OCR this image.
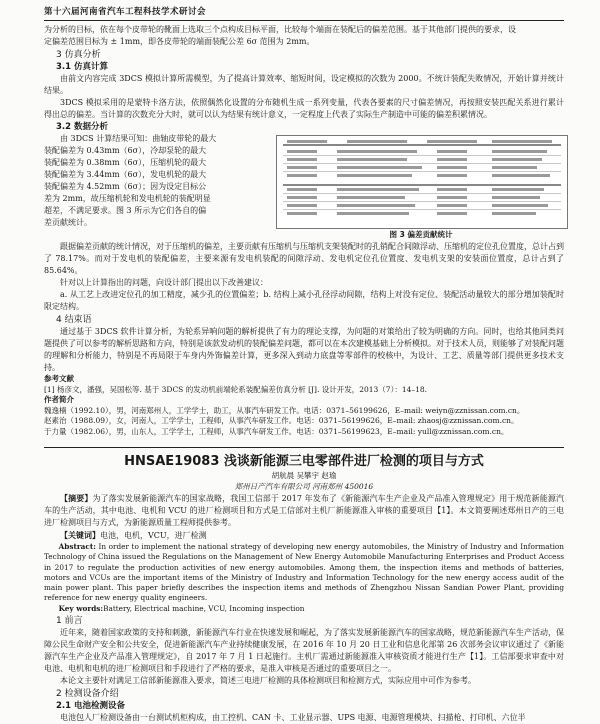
第十六届河南省汽车工程科技学术研讨会

为分析的目标，依在每个皮带轮的靴面上选取三个点构成目标平面，比较每个端面在装配后的偏差范围。基于其他部门提供的要求，设

定偏差范围目标为 ± 1mm，即各皮带轮的端面装配公差 6σ 范围为 2mm。

3 仿真分析
3.1 仿真计算

由前文内容完成 3DCS 模拟计算所需模型，为了提高计算效率、缩短时间，设定模拟的次数为 2000。不统计装配失败情况，开始计算并统计结果。

3DCS 模拟采用的是蒙特卡洛方法，依照偶然化设置的分布随机生成一系列变量，代表各要素的尺寸偏差情况，再按照安装匹配关系进行累计得出总的偏差。当计算的次数充分大时，就可以认为结果有统计意义，一定程度上代表了实际生产制造中可能的偏差积累情况。

3.2 数据分析

由 3DCS 计算结果可知：曲轴皮带轮的最大

装配偏差为 0.43mm（6σ），冷却泵轮的最大

装配偏差为 0.38mm（6σ），压缩机轮的最大

装配偏差为 3.44mm（6σ），发电机轮的最大

装配偏差为 4.52mm（6σ）；因为设定目标公

差为 2mm，故压缩机轮和发电机轮的装配明显

超差，不满足要求。图 3 所示为它们各自的偏

差贡献统计。

图 3 偏差贡献统计

跟据偏差贡献的统计情况，对于压缩机的偏差，主要贡献有压缩机与压缩机支架装配时的孔销配合间隙浮动、压缩机的定位孔位置度，总计占到了 78.17%。而对于发电机的装配偏差，主要来源有发电机装配的间隙浮动、发电机定位孔位置度、发电机支架的安装面位置度，总计占到了 85.64%。

针对以上计算指出的问题，向设计部门提出以下改善建议：

a. 从工艺上改进定位孔的加工精度，减少孔的位置偏差；b. 结构上减小孔径浮动间隙，结构上对没有定位、装配活动量较大的部分增加装配时限定结构。

4 结束语

通过基于 3DCS 软件计算分析，为轮系异响问题的解析提供了有力的理论支撑，为问题的对策给出了较为明确的方向。同时，也给其他同类问题提供了可以参考的解析思路和方向，特别是该款发动机的装配偏差问题，都可以在本次建模基础上分析模拟。对于技术人员，则能够了对装配问题的理解和分析能力，特别是不再局限于车身内外饰偏差计算，更多深入到动力底盘等零部件的校核中，为设计、工艺、质量等部门提供更多技术支持。

参考文献

[1] 杨彦文，潘强，吴国松等. 基于 3DCS 的发动机前端轮系装配偏差仿真分析 [J]. 设计开发，2013（7）：14–18.

作者简介

魏逸楠（1992.10），男，河南郑州人，工学学士，助工，从事汽车研发工作。电话：0371–56199626，E–mail: weiyn@zznissan.com.cn。

赵素治（1988.09），女，河南人，工学学士，工程师，从事汽车研发工作。电话：0371–56199626，E–mail: zhaosj@zznissan.com.cn。

于力量（1982.06），男，山东人，工学学士，工程师，从事汽车研发工作。电话：0371–56199623，E–mail: yull@zznissan.com.cn。

HNSAE19083 浅谈新能源三电零部件进厂检测的项目与方式
胡航晨 吴攀宇 赵瑜
郑州日产汽车有限公司 河南郑州 450016

【摘要】为了落实发展新能源汽车的国家战略，我国工信部于 2017 年发布了《新能源汽车生产企业及产品准入管理规定》用于规范新能源汽车的生产活动，其中电池、电机和 VCU 的进厂检测项目和方式是工信部对主机厂新能源准入审核的重要项目【1】。本文简要阐述郑州日产的三电进厂检测项目与方式，为新能源质量工程师提供参考。

【关键词】电池，电机，VCU，进厂检测

Abstract: In order to implement the national strategy of developing new energy automobiles, the Ministry of Industry and Information Technology of China issued the Regulations on the Management of New Energy Automobile Manufacturing Enterprises and Product Access in 2017 to regulate the production activities of new energy automobiles. Among them, the inspection items and methods of batteries, motors and VCUs are the important items of the Ministry of Industry and Information Technology for the new energy access audit of the main power plant. This paper briefly describes the inspection items and methods of Zhengzhou Nissan Sandian Power Plant, providing reference for new energy quality engineers.

Key words:Battery, Electrical machine, VCU, Incoming inspection

1 前言

近年来，随着国家政策的支持和刺激，新能源汽车行业在快速发展和崛起，为了落实发展新能源汽车的国家战略，规范新能源汽车生产活动，保障公民生命财产安全和公共安全，促进新能源汽车产业持续健康发展，在 2016 年 10 月 20 日工业和信息化部第 26 次部务会议审议通过了《新能源汽车生产企业及产品准入管理规定》，自 2017 年 7 月 1 日起施行。主机厂需通过新能源准入审核资质才能进行生产【1】。工信部要求审查中对电池、电机和电机的进厂检测项目和手段进行了严格的要求，是准入审核是否通过的重要项目之一。

本论文主要针对满足工信部新能源准入要求，简述三电进厂检测的具体检测项目和检测方式，实际应用中可作为参考。

2 检测设备介绍
2.1 电池检测设备

电池包人厂检测设备由一台测试机柜构成，由工控机、CAN 卡、工业显示器、UPS 电源、电源管理模块、扫描枪、打印机、六位半
